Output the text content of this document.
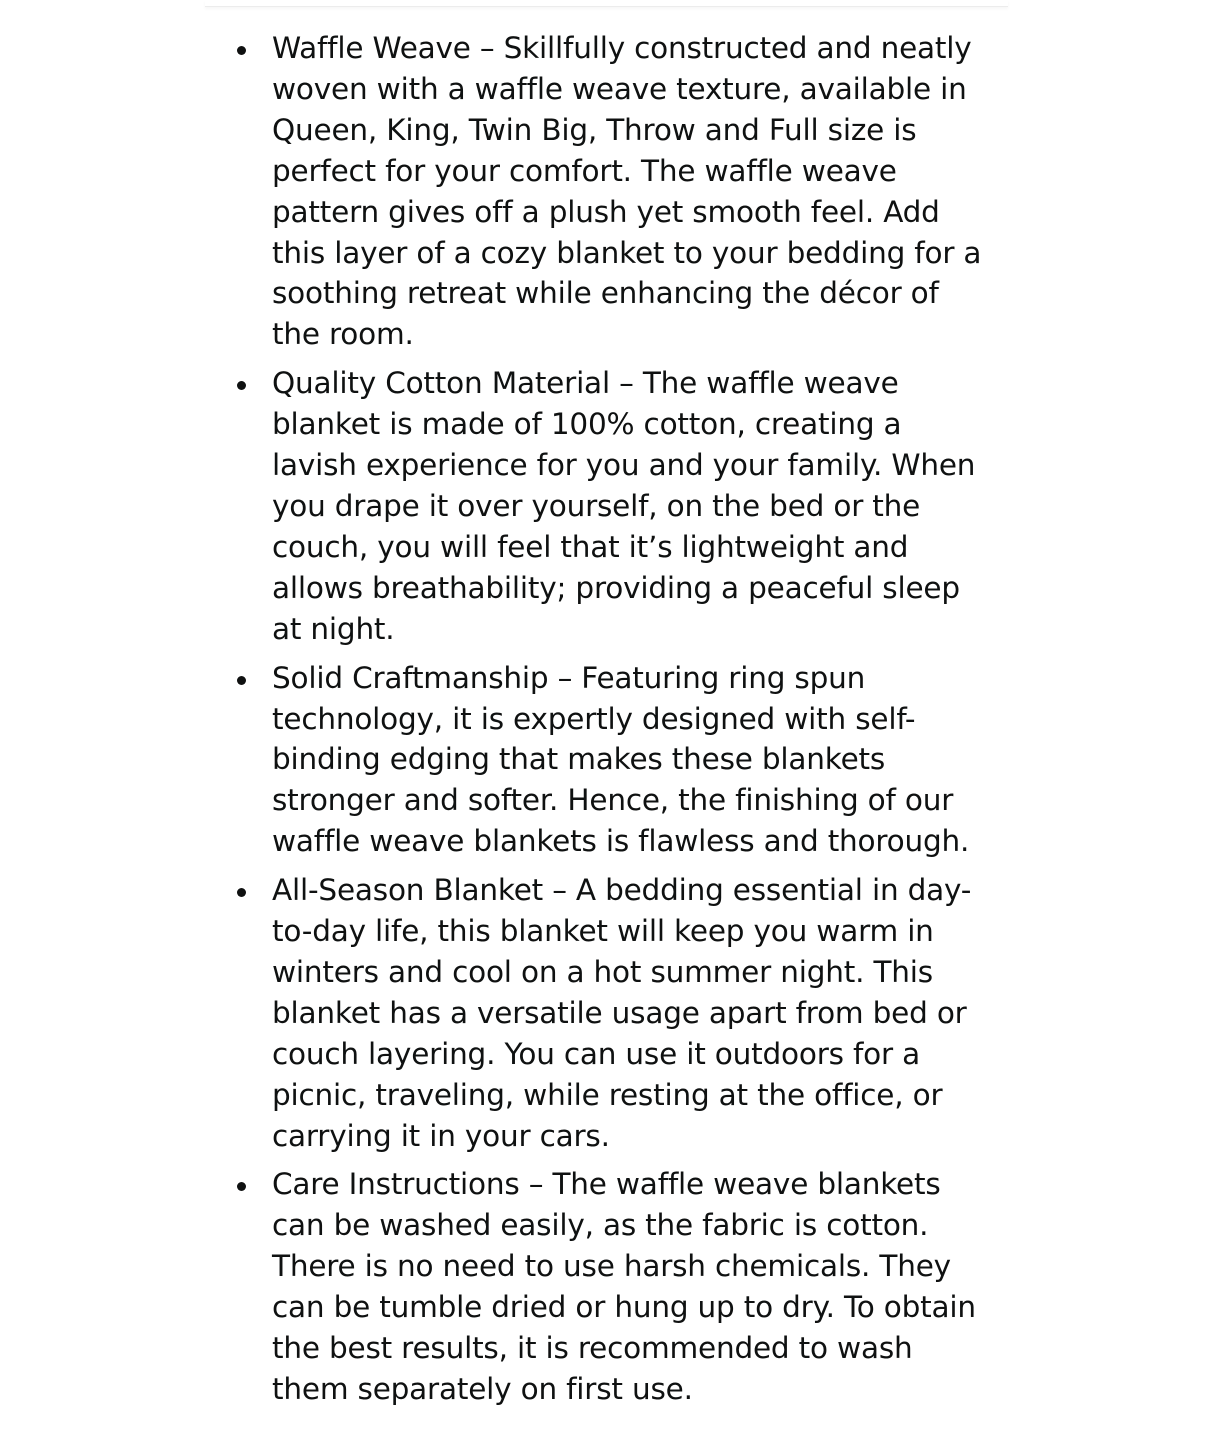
Waffle Weave – Skillfully constructed and neatly woven with a waffle weave texture, available in Queen, King, Twin Big, Throw and Full size is perfect for your comfort. The waffle weave pattern gives off a plush yet smooth feel. Add this layer of a cozy blanket to your bedding for a soothing retreat while enhancing the décor of the room.
Quality Cotton Material – The waffle weave blanket is made of 100% cotton, creating a lavish experience for you and your family. When you drape it over yourself, on the bed or the couch, you will feel that it’s lightweight and allows breathability; providing a peaceful sleep at night.
Solid Craftmanship – Featuring ring spun technology, it is expertly designed with self-binding edging that makes these blankets stronger and softer. Hence, the finishing of our waffle weave blankets is flawless and thorough.
All-Season Blanket – A bedding essential in day-to-day life, this blanket will keep you warm in winters and cool on a hot summer night. This blanket has a versatile usage apart from bed or couch layering. You can use it outdoors for a picnic, traveling, while resting at the office, or carrying it in your cars.
Care Instructions – The waffle weave blankets can be washed easily, as the fabric is cotton. There is no need to use harsh chemicals. They can be tumble dried or hung up to dry. To obtain the best results, it is recommended to wash them separately on first use.
